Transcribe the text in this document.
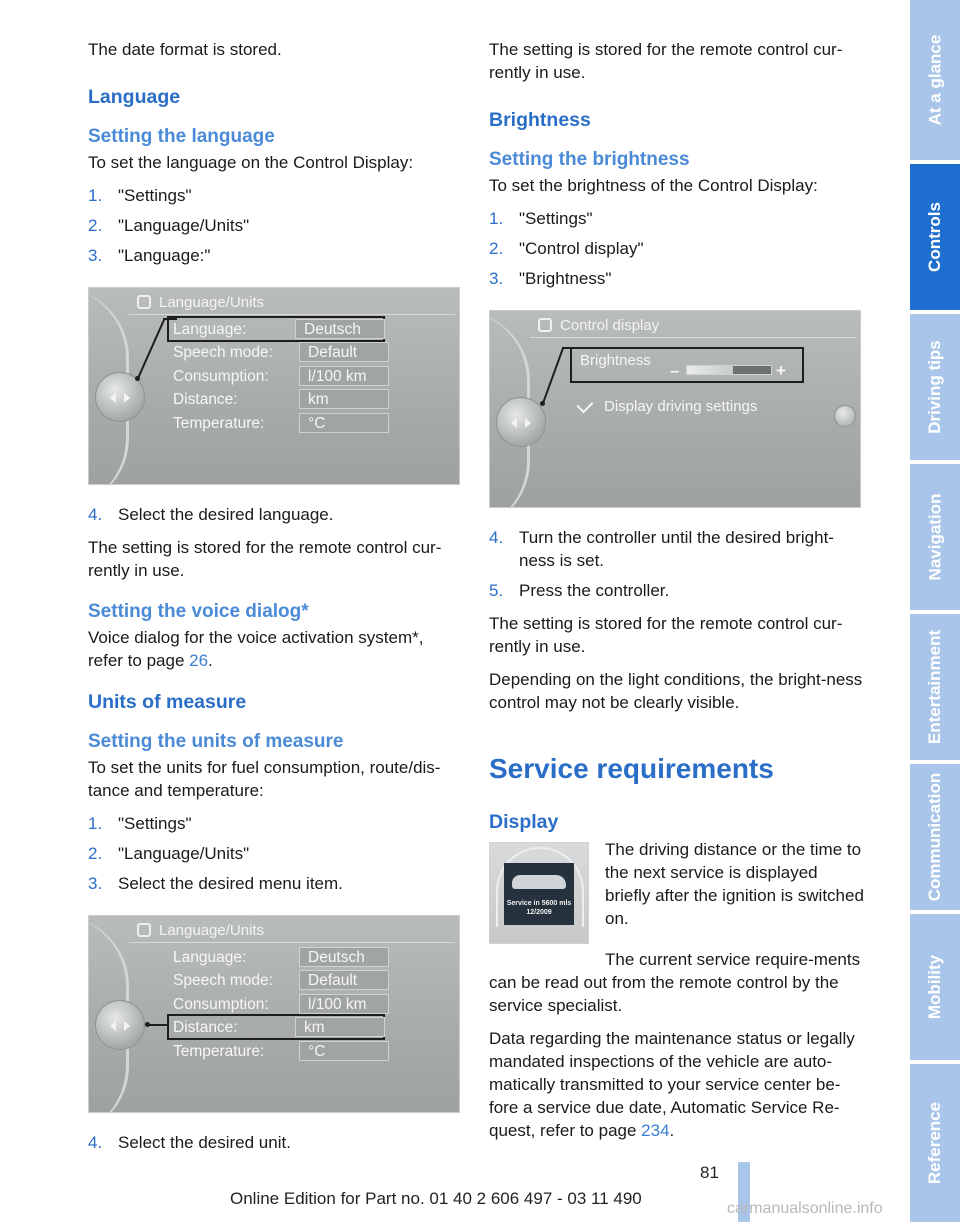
The date format is stored.

Language
Setting the language

To set the language on the Control Display:

1. "Settings"
2. "Language/Units"
3. "Language:"
Language/Units
Language:	Deutsch
Speech mode:	Default
Consumption:	l/100 km
Distance:	km
Temperature:	°C
4. Select the desired language.

The setting is stored for the remote control cur-rently in use.

Setting the voice dialog*

Voice dialog for the voice activation system*, refer to page 26.

Units of measure
Setting the units of measure

To set the units for fuel consumption, route/dis-tance and temperature:

1. "Settings"
2. "Language/Units"
3. Select the desired menu item.
Language/Units
Language:	Deutsch
Speech mode:	Default
Consumption:	l/100 km
Distance:	km
Temperature:	°C
4. Select the desired unit.

The setting is stored for the remote control cur-rently in use.

Brightness
Setting the brightness

To set the brightness of the Control Display:

1. "Settings"
2. "Control display"
3. "Brightness"
Control display
Brightness
–	+
Display driving settings
4. Turn the controller until the desired bright-ness is set.
5. Press the controller.

The setting is stored for the remote control cur-rently in use.

Depending on the light conditions, the bright-ness control may not be clearly visible.

Service requirements
Display
Service in 5600 mls 12/2009

The driving distance or the time to the next service is displayed briefly after the ignition is switched on.

The current service require-ments can be read out from the remote control by the service specialist.

Data regarding the maintenance status or legally mandated inspections of the vehicle are auto-matically transmitted to your service center be-fore a service due date, Automatic Service Re-quest, refer to page 234.

At a glance
Controls
Driving tips
Navigation
Entertainment
Communication
Mobility
Reference
81
Online Edition for Part no. 01 40 2 606 497 - 03 11 490
carmanualsonline.info
